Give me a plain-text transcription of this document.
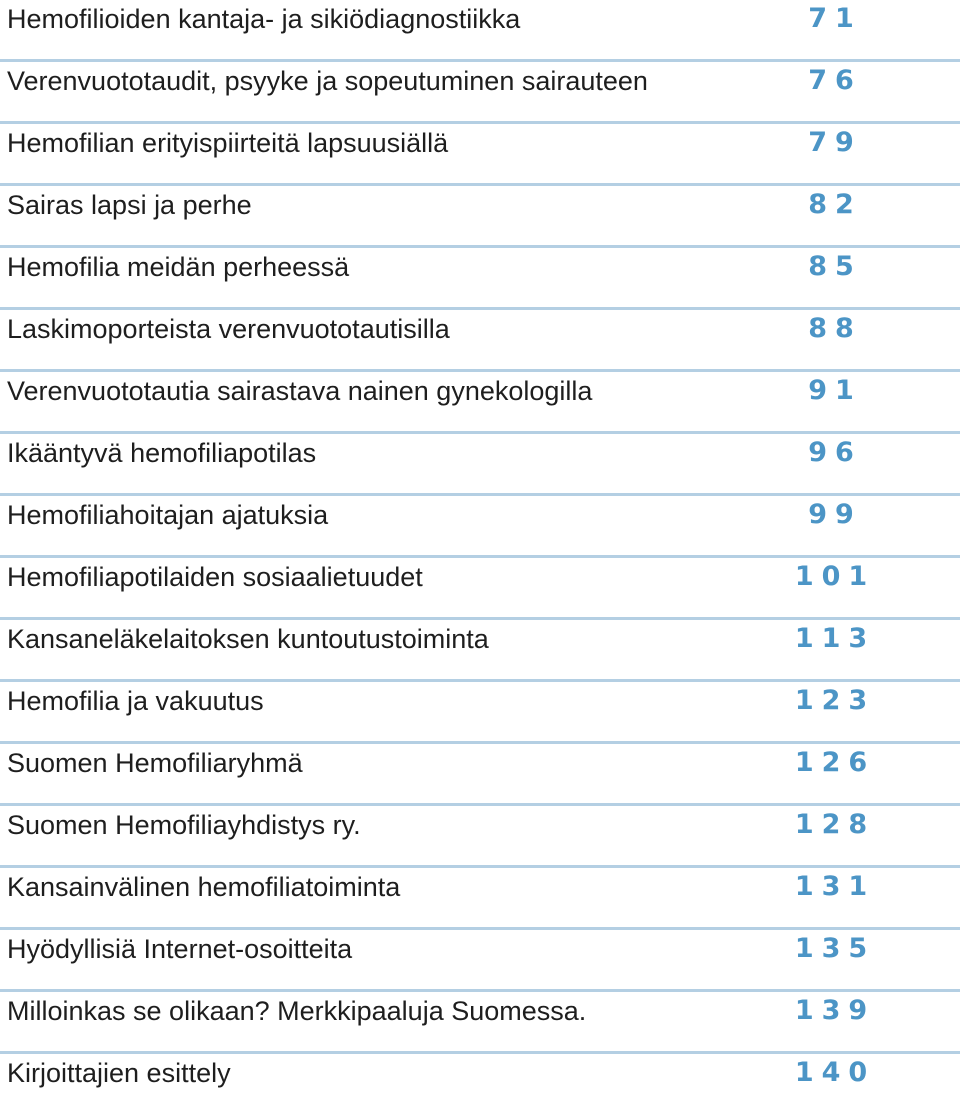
Hemofilioiden kantaja- ja sikiödiagnostiikka	71
Verenvuototaudit, psyyke ja sopeutuminen sairauteen	76
Hemofilian erityispiirteitä lapsuusiällä	79
Sairas lapsi ja perhe	82
Hemofilia meidän perheessä	85
Laskimoporteista verenvuototautisilla	88
Verenvuototautia sairastava nainen gynekologilla	91
Ikääntyvä hemofiliapotilas	96
Hemofiliahoitajan ajatuksia	99
Hemofiliapotilaiden sosiaalietuudet	101
Kansaneläkelaitoksen kuntoutustoiminta	113
Hemofilia ja vakuutus	123
Suomen Hemofiliaryhmä	126
Suomen Hemofiliayhdistys ry.	128
Kansainvälinen hemofiliatoiminta	131
Hyödyllisiä Internet-osoitteita	135
Milloinkas se olikaan? Merkkipaaluja Suomessa.	139
Kirjoittajien esittely	140
